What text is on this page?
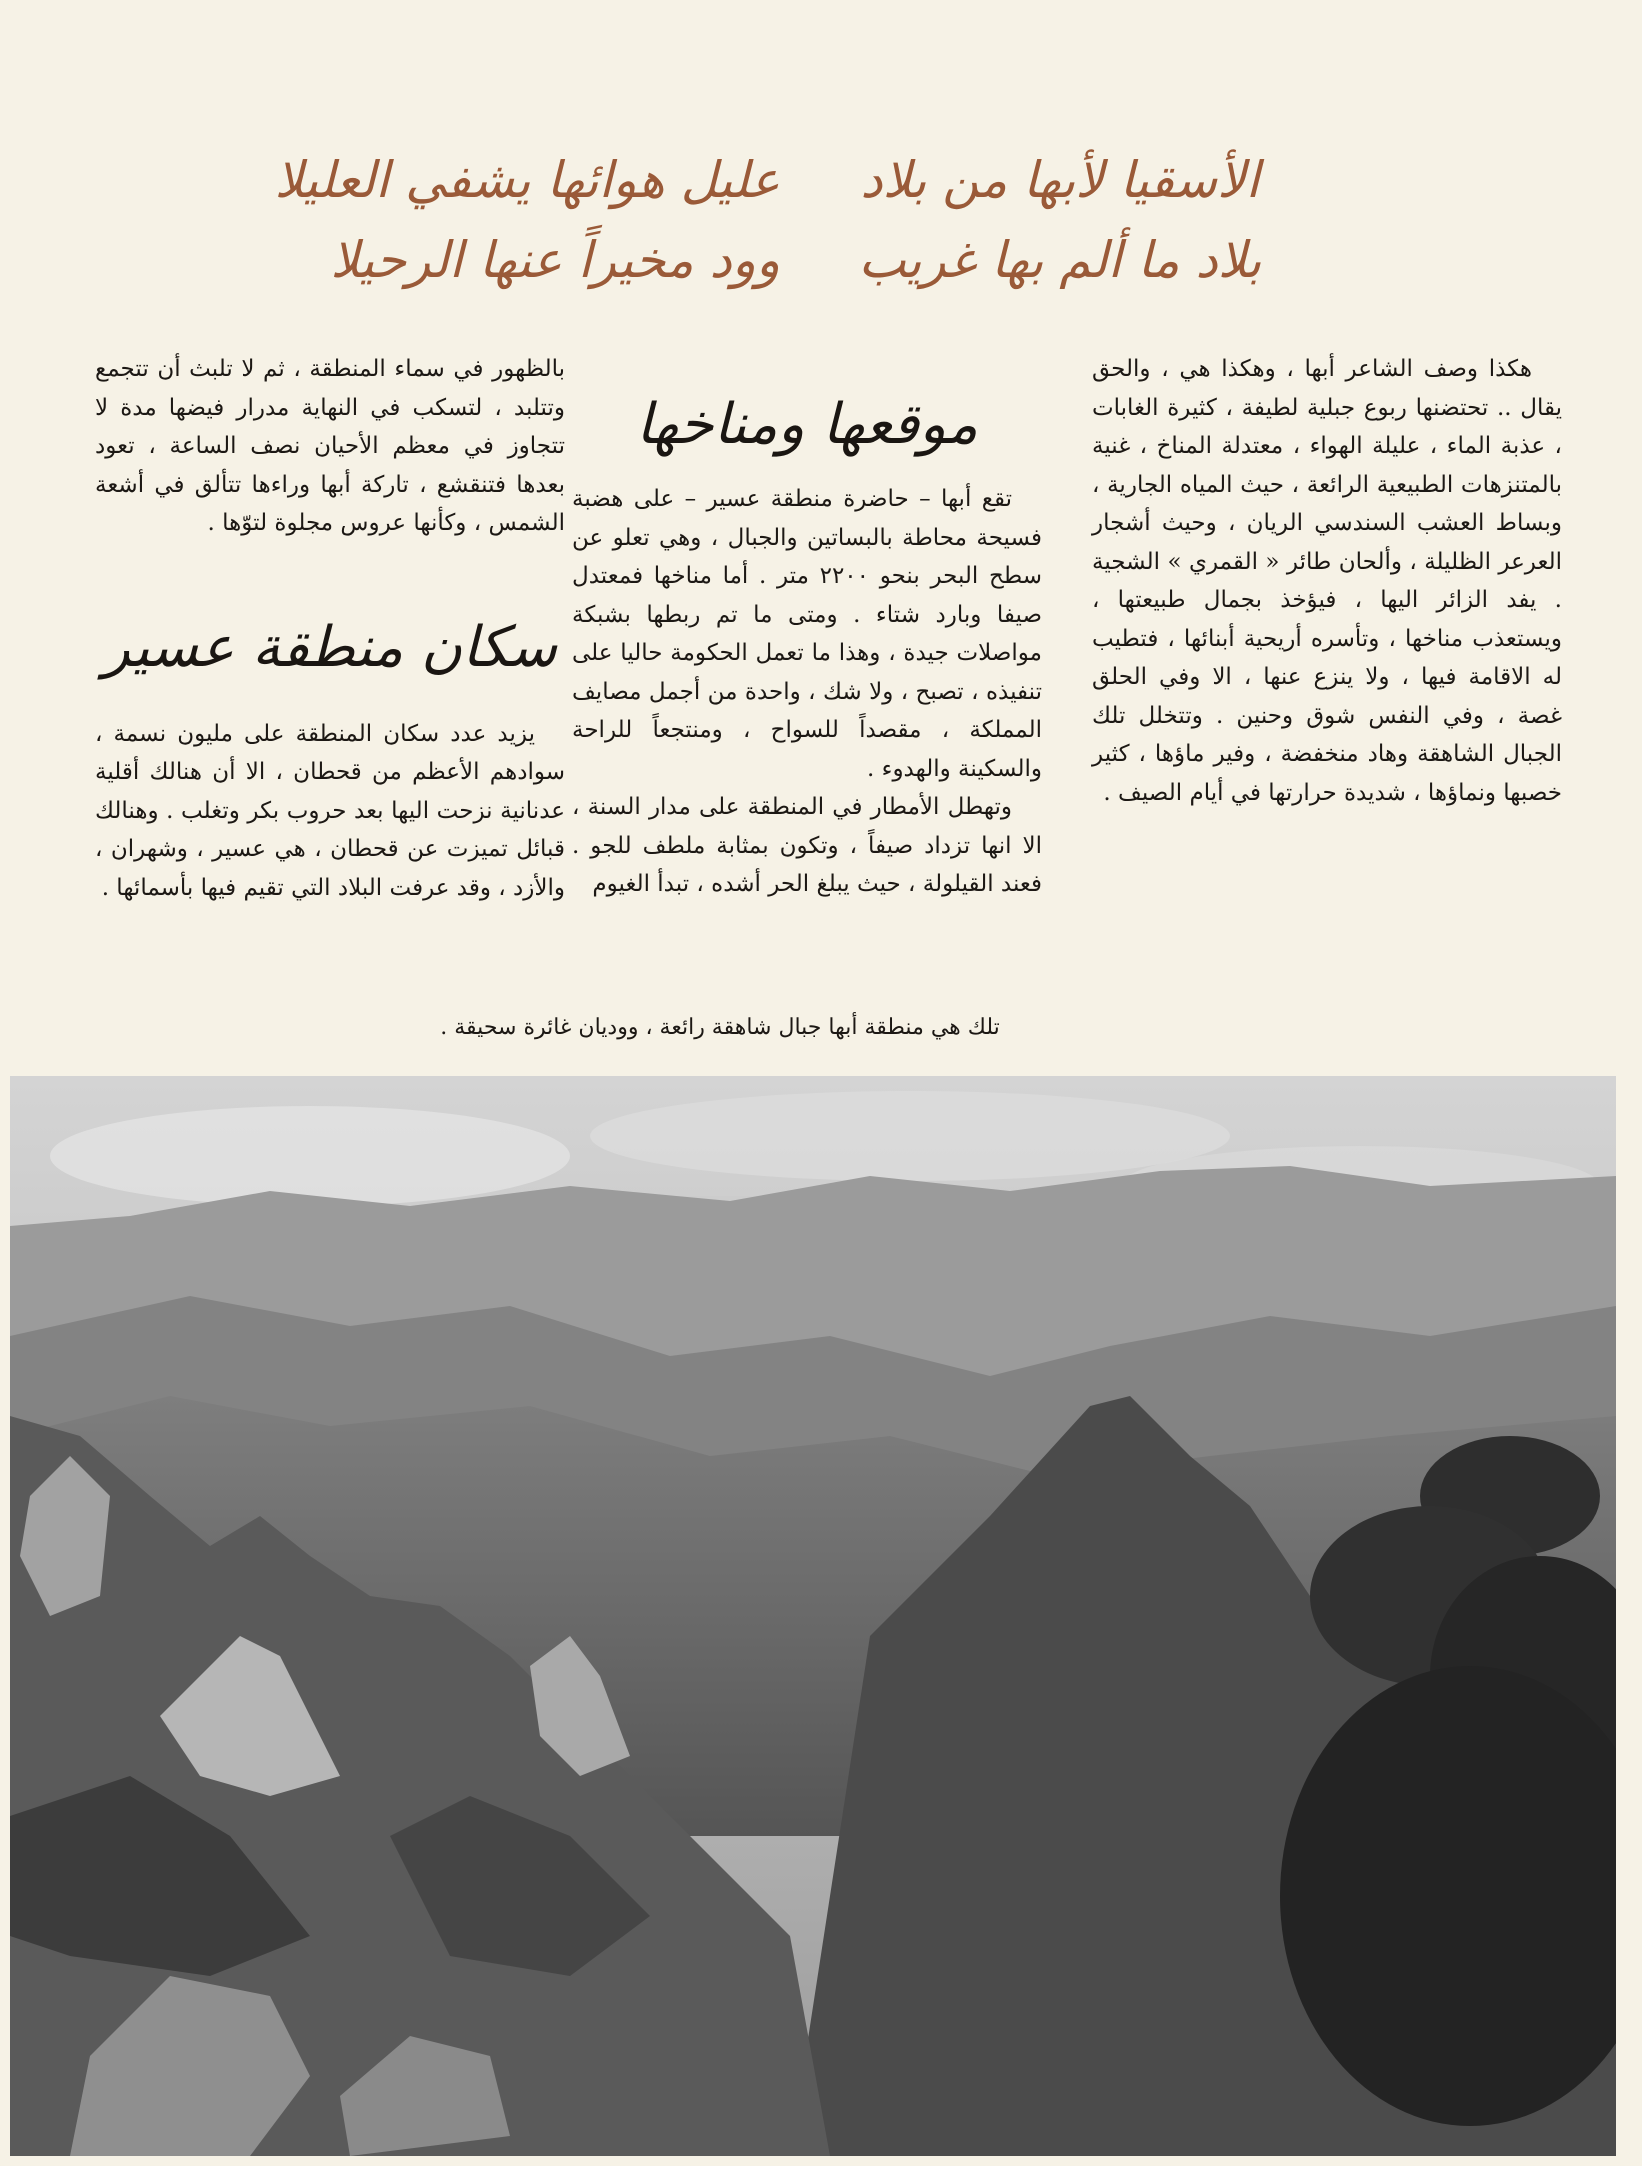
الأسقيا لأبها من بلاد
بلاد ما ألم بها غريب
عليل هوائها يشفي العليلا
وود مخيراً عنها الرحيلا

هكذا وصف الشاعر أبها ، وهكذا هي ، والحق يقال .. تحتضنها ربوع جبلية لطيفة ، كثيرة الغابات ، عذبة الماء ، عليلة الهواء ، معتدلة المناخ ، غنية بالمتنزهات الطبيعية الرائعة ، حيث المياه الجارية ، وبساط العشب السندسي الريان ، وحيث أشجار العرعر الظليلة ، وألحان طائر « القمري » الشجية . يفد الزائر اليها ، فيؤخذ بجمال طبيعتها ، ويستعذب مناخها ، وتأسره أريحية أبنائها ، فتطيب له الاقامة فيها ، ولا ينزع عنها ، الا وفي الحلق غصة ، وفي النفس شوق وحنين . وتتخلل تلك الجبال الشاهقة وهاد منخفضة ، وفير ماؤها ، كثير خصبها ونماؤها ، شديدة حرارتها في أيام الصيف .

موقعها ومناخها

تقع أبها – حاضرة منطقة عسير – على هضبة فسيحة محاطة بالبساتين والجبال ، وهي تعلو عن سطح البحر بنحو ٢٢٠٠ متر . أما مناخها فمعتدل صيفا وبارد شتاء . ومتى ما تم ربطها بشبكة مواصلات جيدة ، وهذا ما تعمل الحكومة حاليا على تنفيذه ، تصبح ، ولا شك ، واحدة من أجمل مصايف المملكة ، مقصداً للسواح ، ومنتجعاً للراحة والسكينة والهدوء .

وتهطل الأمطار في المنطقة على مدار السنة ، الا انها تزداد صيفاً ، وتكون بمثابة ملطف للجو . فعند القيلولة ، حيث يبلغ الحر أشده ، تبدأ الغيوم

بالظهور في سماء المنطقة ، ثم لا تلبث أن تتجمع وتتلبد ، لتسكب في النهاية مدرار فيضها مدة لا تتجاوز في معظم الأحيان نصف الساعة ، تعود بعدها فتنقشع ، تاركة أبها وراءها تتألق في أشعة الشمس ، وكأنها عروس مجلوة لتوّها .

سكان منطقة عسير

يزيد عدد سكان المنطقة على مليون نسمة ، سوادهم الأعظم من قحطان ، الا أن هنالك أقلية عدنانية نزحت اليها بعد حروب بكر وتغلب . وهنالك قبائل تميزت عن قحطان ، هي عسير ، وشهران ، والأزد ، وقد عرفت البلاد التي تقيم فيها بأسمائها .

تلك هي منطقة أبها جبال شاهقة رائعة ، ووديان غائرة سحيقة .
